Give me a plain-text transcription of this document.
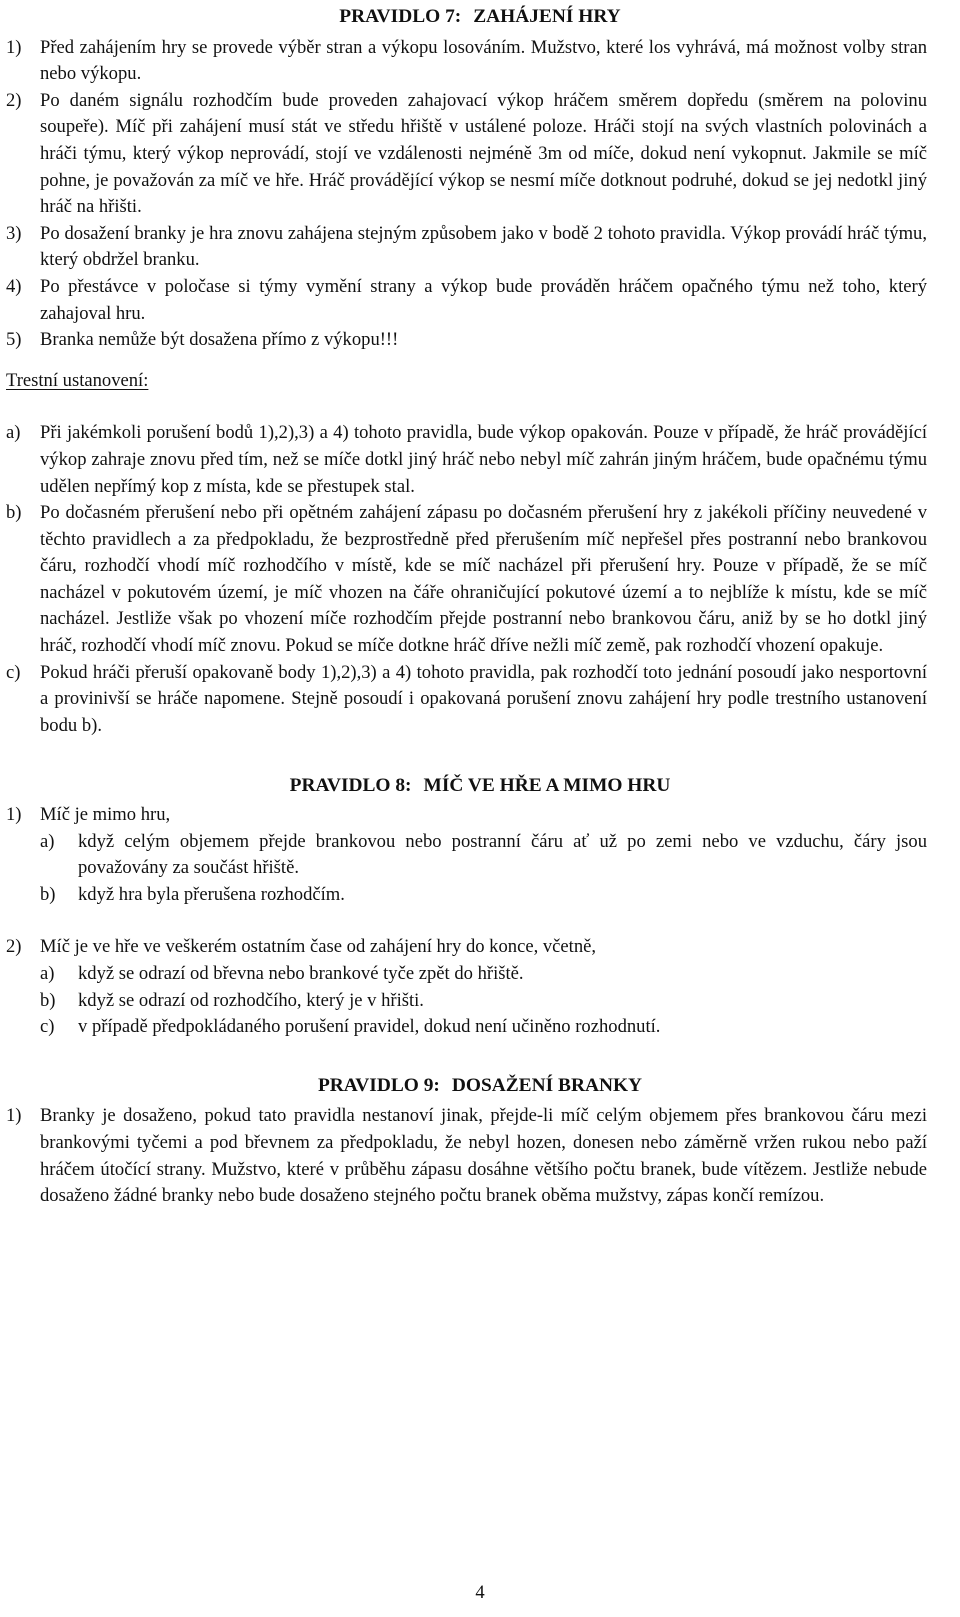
PRAVIDLO 7: ZAHÁJENÍ HRY
1) Před zahájením hry se provede výběr stran a výkopu losováním. Mužstvo, které los vyhrává, má možnost volby stran nebo výkopu.
2) Po daném signálu rozhodčím bude proveden zahajovací výkop hráčem směrem dopředu (směrem na polovinu soupeře). Míč při zahájení musí stát ve středu hřiště v ustálené poloze. Hráči stojí na svých vlastních polovinách a hráči týmu, který výkop neprovádí, stojí ve vzdálenosti nejméně 3m od míče, dokud není vykopnut. Jakmile se míč pohne, je považován za míč ve hře. Hráč provádějící výkop se nesmí míče dotknout podruhé, dokud se jej nedotkl jiný hráč na hřišti.
3) Po dosažení branky je hra znovu zahájena stejným způsobem jako v bodě 2 tohoto pravidla. Výkop provádí hráč týmu, který obdržel branku.
4) Po přestávce v poločase si týmy vymění strany a výkop bude prováděn hráčem opačného týmu než toho, který zahajoval hru.
5) Branka nemůže být dosažena přímo z výkopu!!!
Trestní ustanovení:
a) Při jakémkoli porušení bodů 1),2),3) a 4) tohoto pravidla, bude výkop opakován. Pouze v případě, že hráč provádějící výkop zahraje znovu před tím, než se míče dotkl jiný hráč nebo nebyl míč zahrán jiným hráčem, bude opačnému týmu udělen nepřímý kop z místa, kde se přestupek stal.
b) Po dočasném přerušení nebo při opětném zahájení zápasu po dočasném přerušení hry z jakékoli příčiny neuvedené v těchto pravidlech a za předpokladu, že bezprostředně před přerušením míč nepřešel přes postranní nebo brankovou čáru, rozhodčí vhodí míč rozhodčího v místě, kde se míč nacházel při přerušení hry. Pouze v případě, že se míč nacházel v pokutovém území, je míč vhozen na čáře ohraničující pokutové území a to nejblíže k místu, kde se míč nacházel. Jestliže však po vhození míče rozhodčím přejde postranní nebo brankovou čáru, aniž by se ho dotkl jiný hráč, rozhodčí vhodí míč znovu. Pokud se míče dotkne hráč dříve nežli míč země, pak rozhodčí vhození opakuje.
c) Pokud hráči přeruší opakovaně body 1),2),3) a 4) tohoto pravidla, pak rozhodčí toto jednání posoudí jako nesportovní a provinivší se hráče napomene. Stejně posoudí i opakovaná porušení znovu zahájení hry podle trestního ustanovení bodu b).
PRAVIDLO 8: MÍČ VE HŘE A MIMO HRU
1) Míč je mimo hru,
a) když celým objemem přejde brankovou nebo postranní čáru ať už po zemi nebo ve vzduchu, čáry jsou považovány za součást hřiště.
b) když hra byla přerušena rozhodčím.
2) Míč je ve hře ve veškerém ostatním čase od zahájení hry do konce, včetně,
a) když se odrazí od břevna nebo brankové tyče zpět do hřiště.
b) když se odrazí od rozhodčího, který je v hřišti.
c) v případě předpokládaného porušení pravidel, dokud není učiněno rozhodnutí.
PRAVIDLO 9: DOSAŽENÍ BRANKY
1) Branky je dosaženo, pokud tato pravidla nestanoví jinak, přejde-li míč celým objemem přes brankovou čáru mezi brankovými tyčemi a pod břevnem za předpokladu, že nebyl hozen, donesen nebo záměrně vržen rukou nebo paží hráčem útočící strany. Mužstvo, které v průběhu zápasu dosáhne většího počtu branek, bude vítězem. Jestliže nebude dosaženo žádné branky nebo bude dosaženo stejného počtu branek oběma mužstvy, zápas končí remízou.
4
